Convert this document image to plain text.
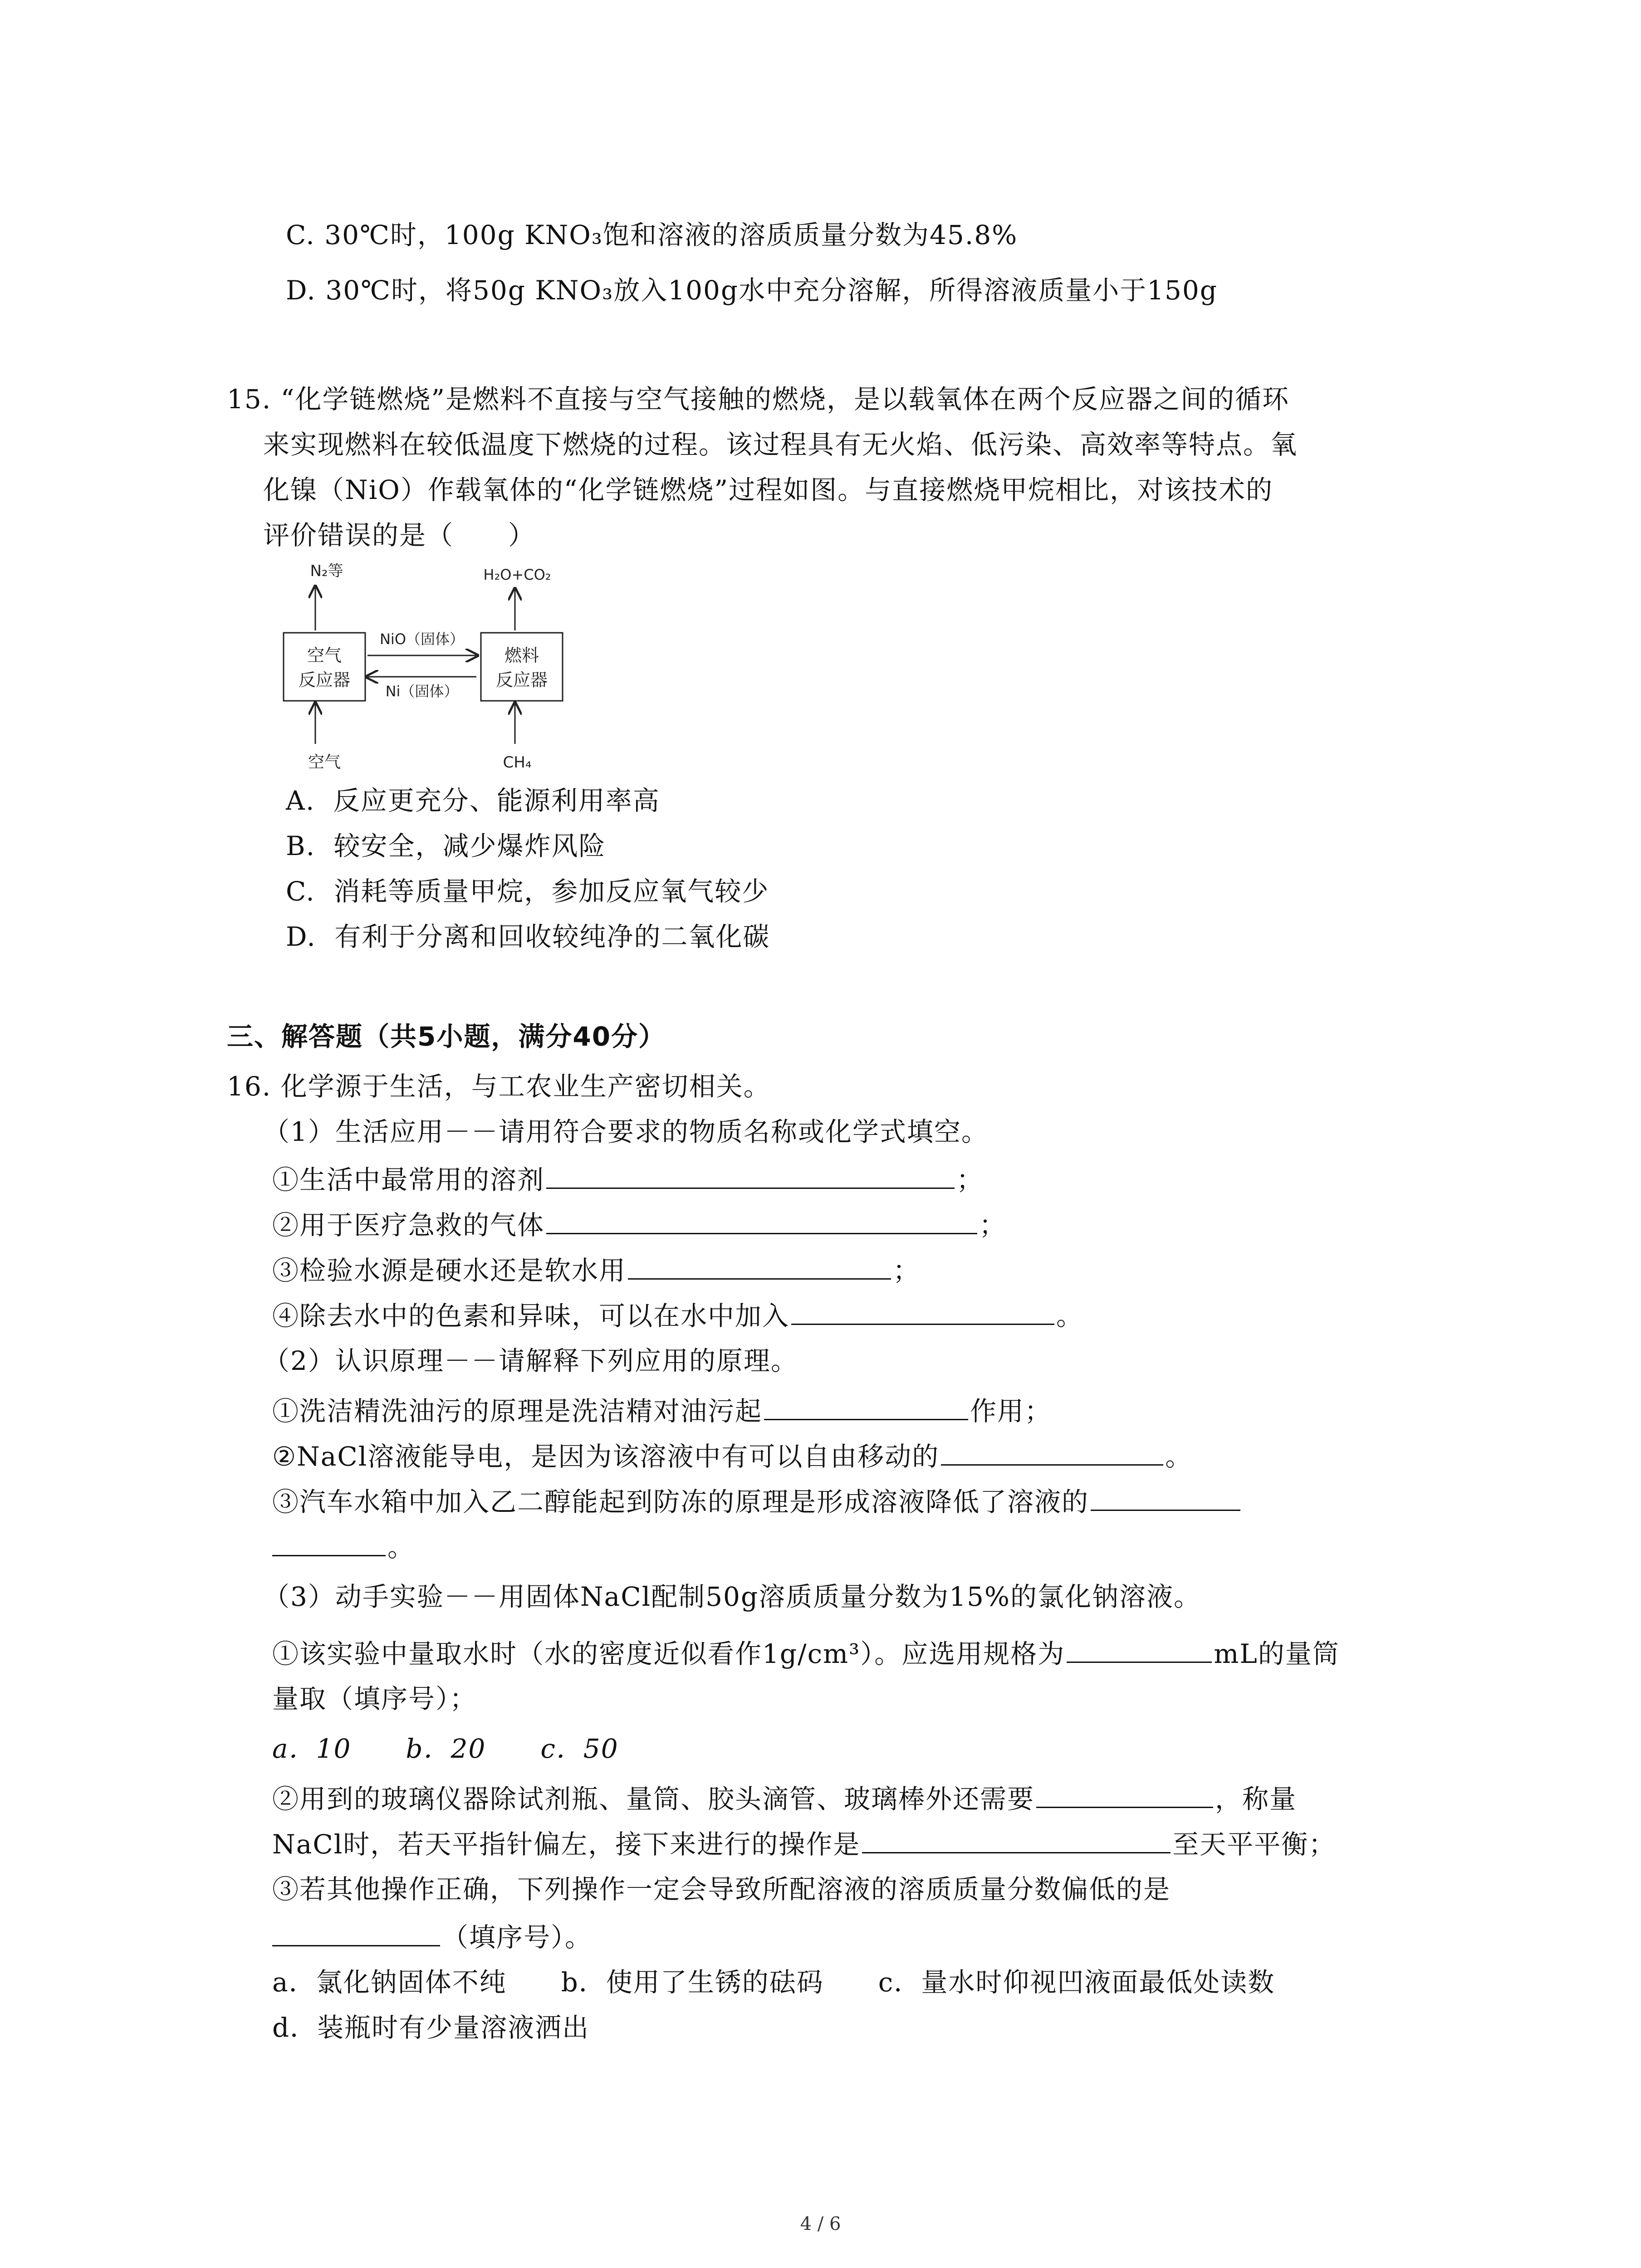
C. 30℃时，100g KNO₃饱和溶液的溶质质量分数为45.8%
D. 30℃时，将50g KNO₃放入100g水中充分溶解，所得溶液质量小于150g
15. “化学链燃烧”是燃料不直接与空气接触的燃烧，是以载氧体在两个反应器之间的循环
来实现燃料在较低温度下燃烧的过程。该过程具有无火焰、低污染、高效率等特点。氧
化镍（NiO）作载氧体的“化学链燃烧”过程如图。与直接燃烧甲烷相比，对该技术的
评价错误的是（　　）
N₂等	H₂O+CO₂
空气
反应器
燃料
反应器
NiO（固体）
Ni（固体）
空气	CH₄
A. 反应更充分、能源利用率高
B. 较安全，减少爆炸风险
C. 消耗等质量甲烷，参加反应氧气较少
D. 有利于分离和回收较纯净的二氧化碳
三、解答题（共5小题，满分40分）
16. 化学源于生活，与工农业生产密切相关。
（1）生活应用－－请用符合要求的物质名称或化学式填空。
①生活中最常用的溶剂	；
②用于医疗急救的气体	；
③检验水源是硬水还是软水用	；
④除去水中的色素和异味，可以在水中加入	。
（2）认识原理－－请解释下列应用的原理。
①洗洁精洗油污的原理是洗洁精对油污起	作用；
②NaCl溶液能导电，是因为该溶液中有可以自由移动的	。
③汽车水箱中加入乙二醇能起到防冻的原理是形成溶液降低了溶液的
。
（3）动手实验－－用固体NaCl配制50g溶质质量分数为15%的氯化钠溶液。
①该实验中量取水时（水的密度近似看作1g/cm³）。应选用规格为	mL的量筒
量取（填序号）；
a．10　　b．20　　c．50
②用到的玻璃仪器除试剂瓶、量筒、胶头滴管、玻璃棒外还需要	，称量
NaCl时，若天平指针偏左，接下来进行的操作是	至天平平衡；
③若其他操作正确，下列操作一定会导致所配溶液的溶质质量分数偏低的是
（填序号）。
a．氯化钠固体不纯　　b．使用了生锈的砝码　　c．量水时仰视凹液面最低处读数
d．装瓶时有少量溶液洒出
4 / 6
